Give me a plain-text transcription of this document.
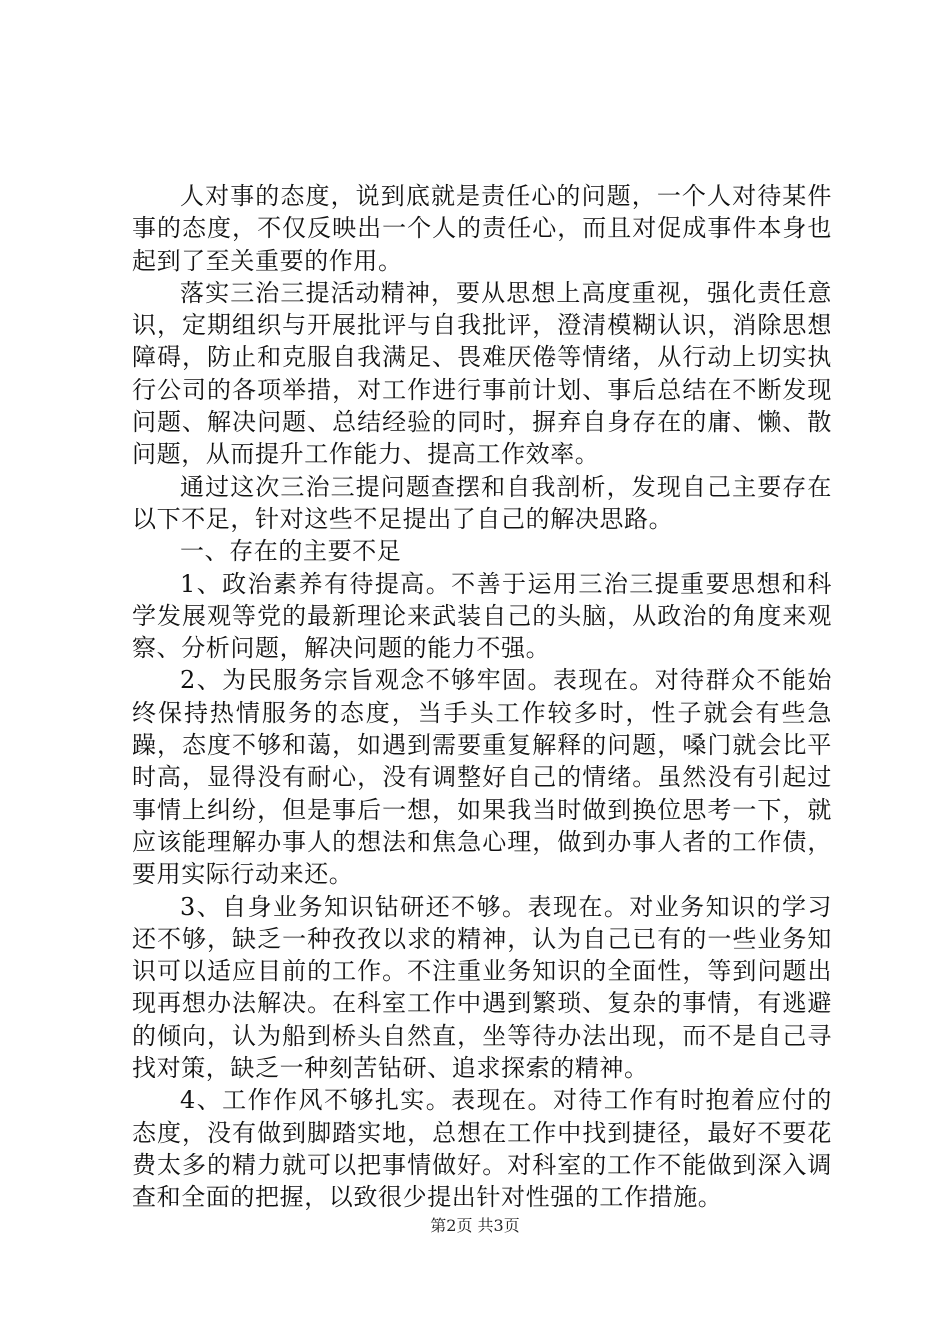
人对事的态度，说到底就是责任心的问题，一个人对待某件事的态度，不仅反映出一个人的责任心，而且对促成事件本身也起到了至关重要的作用。

落实三治三提活动精神，要从思想上高度重视，强化责任意识，定期组织与开展批评与自我批评，澄清模糊认识，消除思想障碍，防止和克服自我满足、畏难厌倦等情绪，从行动上切实执行公司的各项举措，对工作进行事前计划、事后总结在不断发现问题、解决问题、总结经验的同时，摒弃自身存在的庸、懒、散问题，从而提升工作能力、提高工作效率。

通过这次三治三提问题查摆和自我剖析，发现自己主要存在以下不足，针对这些不足提出了自己的解决思路。

一、存在的主要不足

1、政治素养有待提高。不善于运用三治三提重要思想和科学发展观等党的最新理论来武装自己的头脑，从政治的角度来观察、分析问题，解决问题的能力不强。

2、为民服务宗旨观念不够牢固。表现在。对待群众不能始终保持热情服务的态度，当手头工作较多时，性子就会有些急躁，态度不够和蔼，如遇到需要重复解释的问题，嗓门就会比平时高，显得没有耐心，没有调整好自己的情绪。虽然没有引起过事情上纠纷，但是事后一想，如果我当时做到换位思考一下，就应该能理解办事人的想法和焦急心理，做到办事人者的工作债，要用实际行动来还。

3、自身业务知识钻研还不够。表现在。对业务知识的学习还不够，缺乏一种孜孜以求的精神，认为自己已有的一些业务知识可以适应目前的工作。不注重业务知识的全面性，等到问题出现再想办法解决。在科室工作中遇到繁琐、复杂的事情，有逃避的倾向，认为船到桥头自然直，坐等待办法出现，而不是自己寻找对策，缺乏一种刻苦钻研、追求探索的精神。

4、工作作风不够扎实。表现在。对待工作有时抱着应付的态度，没有做到脚踏实地，总想在工作中找到捷径，最好不要花费太多的精力就可以把事情做好。对科室的工作不能做到深入调查和全面的把握，以致很少提出针对性强的工作措施。

第2页 共3页
